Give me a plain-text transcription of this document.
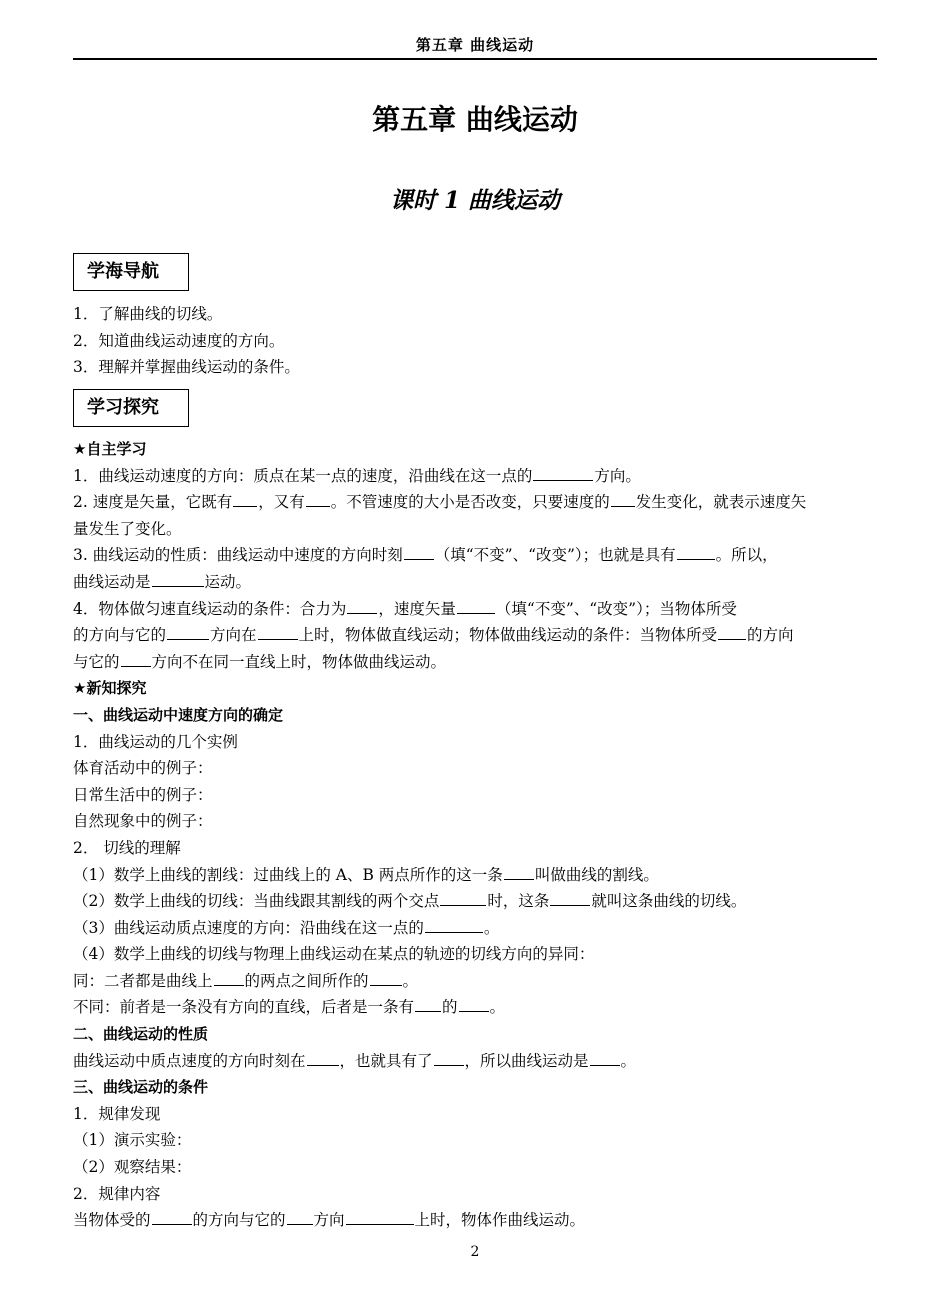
第五章 曲线运动
第五章 曲线运动
课时 1 曲线运动
学海导航
1．了解曲线的切线。
2．知道曲线运动速度的方向。
3．理解并掌握曲线运动的条件。
学习探究
★自主学习
1．曲线运动速度的方向：质点在某一点的速度，沿曲线在这一点的	方向。
2. 速度是矢量，它既有 ，又有 。不管速度的大小是否改变，只要速度的 发生变化，就表示速度矢
量发生了变化。
3. 曲线运动的性质：曲线运动中速度的方向时刻 （填“不变”、“改变”）；也就是具有	。所以，
曲线运动是	运动。
4．物体做匀速直线运动的条件：合力为 ，速度矢量	（填“不变”、“改变”）；当物体所受
的方向与它的	方向在	上时，物体做直线运动；物体做曲线运动的条件：当物体所受 的方向
与它的 方向不在同一直线上时，物体做曲线运动。
★新知探究
一、曲线运动中速度方向的确定
1．曲线运动的几个实例
体育活动中的例子：
日常生活中的例子：
自然现象中的例子：
2． 切线的理解
（1）数学上曲线的割线：过曲线上的 A、B 两点所作的这一条 叫做曲线的割线。
（2）数学上曲线的切线：当曲线跟其割线的两个交点	时，这条	就叫这条曲线的切线。
（3）曲线运动质点速度的方向：沿曲线在这一点的	。
（4）数学上曲线的切线与物理上曲线运动在某点的轨迹的切线方向的异同：
同：二者都是曲线上 的两点之间所作的 。
不同：前者是一条没有方向的直线，后者是一条有 的 。
二、曲线运动的性质
曲线运动中质点速度的方向时刻在 ，也就具有了 ，所以曲线运动是 。
三、曲线运动的条件
1．规律发现
（1）演示实验：
（2）观察结果：
2．规律内容
当物体受的	的方向与它的 方向	上时，物体作曲线运动。
2
